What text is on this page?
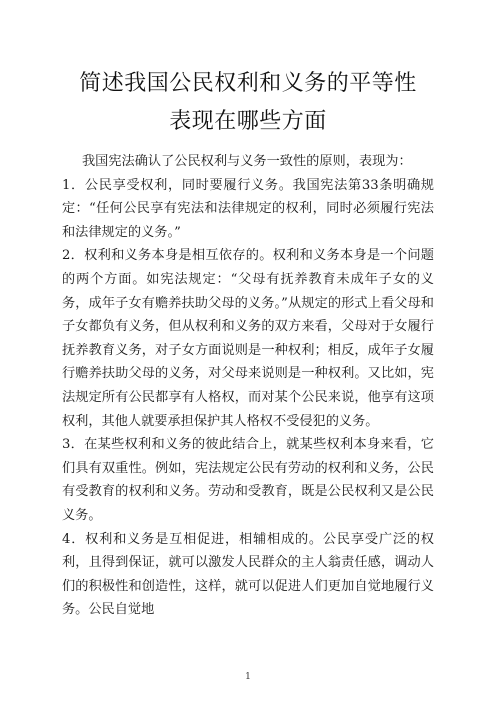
简述我国公民权利和义务的平等性
表现在哪些方面

我国宪法确认了公民权利与义务一致性的原则，表现为：

1．公民享受权利，同时要履行义务。我国宪法第33条明确规定：“任何公民享有宪法和法律规定的权利，同时必须履行宪法和法律规定的义务。”

2．权利和义务本身是相互依存的。权利和义务本身是一个问题的两个方面。如宪法规定：“父母有抚养教育未成年子女的义务，成年子女有赡养扶助父母的义务。”从规定的形式上看父母和子女都负有义务，但从权利和义务的双方来看，父母对于女履行抚养教育义务，对子女方面说则是一种权利；相反，成年子女履行赡养扶助父母的义务，对父母来说则是一种权利。又比如，宪法规定所有公民都享有人格权，而对某个公民来说，他享有这项权利，其他人就要承担保护其人格权不受侵犯的义务。

3．在某些权利和义务的彼此结合上，就某些权利本身来看，它们具有双重性。例如，宪法规定公民有劳动的权利和义务，公民有受教育的权利和义务。劳动和受教育，既是公民权利又是公民义务。

4．权利和义务是互相促进，相辅相成的。公民享受广泛的权利，且得到保证，就可以激发人民群众的主人翁责任感，调动人们的积极性和创造性，这样，就可以促进人们更加自觉地履行义务。公民自觉地

1
